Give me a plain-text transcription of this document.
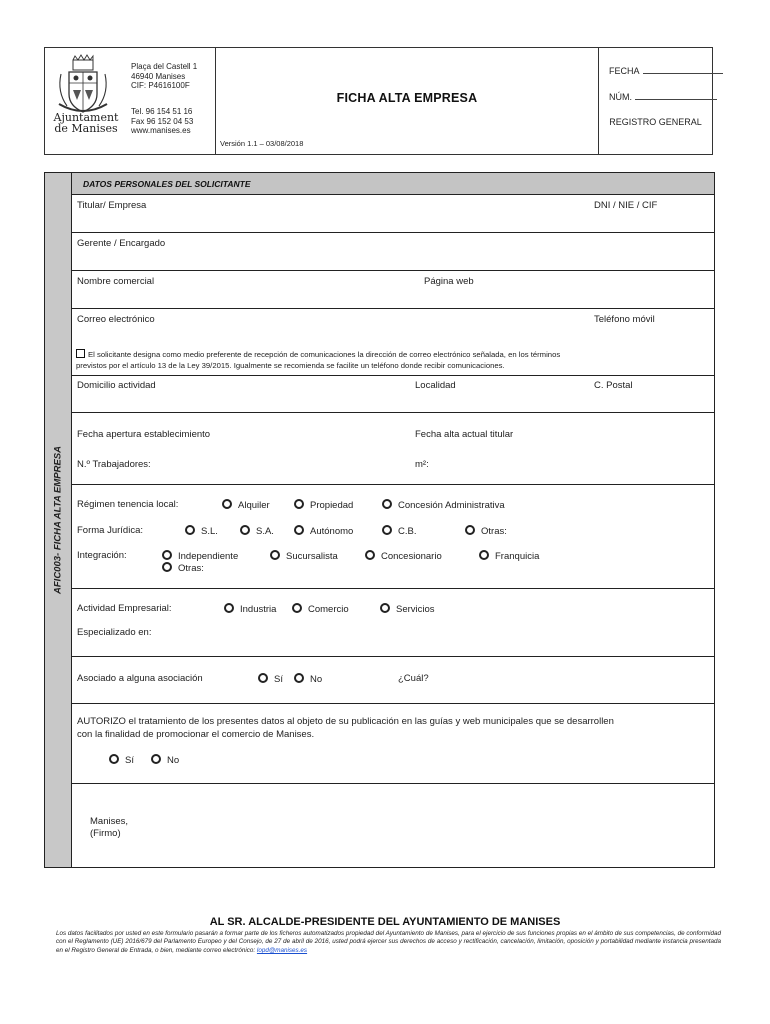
Ajuntament de Manises
Plaça del Castell 1
46940 Manises
CIF: P4616100F
Tel. 96 154 51 16
Fax 96 152 04 53
www.manises.es
FICHA ALTA EMPRESA
Versión 1.1 – 03/08/2018
FECHA
NÚM.
REGISTRO GENERAL
AFIC003- FICHA ALTA EMPRESA
DATOS PERSONALES DEL SOLICITANTE
Titular/ Empresa	DNI / NIE / CIF
Gerente / Encargado
Nombre comercial	Página web
Correo electrónico	Teléfono móvil
El solicitante designa como medio preferente de recepción de comunicaciones la dirección de correo electrónico señalada, en los términos
previstos por el artículo 13 de la Ley 39/2015. Igualmente se recomienda se facilite un teléfono donde recibir comunicaciones.
Domicilio actividad	Localidad	C. Postal
Fecha apertura establecimiento	Fecha alta actual titular
N.º Trabajadores:	m²:
Régimen tenencia local:	Alquiler	Propiedad	Concesión Administrativa
Forma Jurídica:	S.L.	S.A.	Autónomo	C.B.	Otras:
Integración:	Independiente	Sucursalista	Concesionario	Franquicia
Otras:
Actividad Empresarial:	Industria	Comercio	Servicios
Especializado en:
Asociado a alguna asociación	Sí	No	¿Cuál?
AUTORIZO el tratamiento de los presentes datos al objeto de su publicación en las guías y web municipales que se desarrollen
con la finalidad de promocionar el comercio de Manises.
Sí	No
Manises,
(Firmo)
AL SR. ALCALDE-PRESIDENTE DEL AYUNTAMIENTO DE MANISES
Los datos facilitados por usted en este formulario pasarán a formar parte de los ficheros automatizados propiedad del Ayuntamiento de Manises, para el ejercicio de sus funciones propias en el ámbito de sus competencias, de conformidad con el Reglamento (UE) 2016/679 del Parlamento Europeo y del Consejo, de 27 de abril de 2016, usted podrá ejercer sus derechos de acceso y rectificación, cancelación, limitación, oposición y portabilidad mediante instancia presentada en el Registro General de Entrada, o bien, mediante correo electrónico: lopd@manises.es
